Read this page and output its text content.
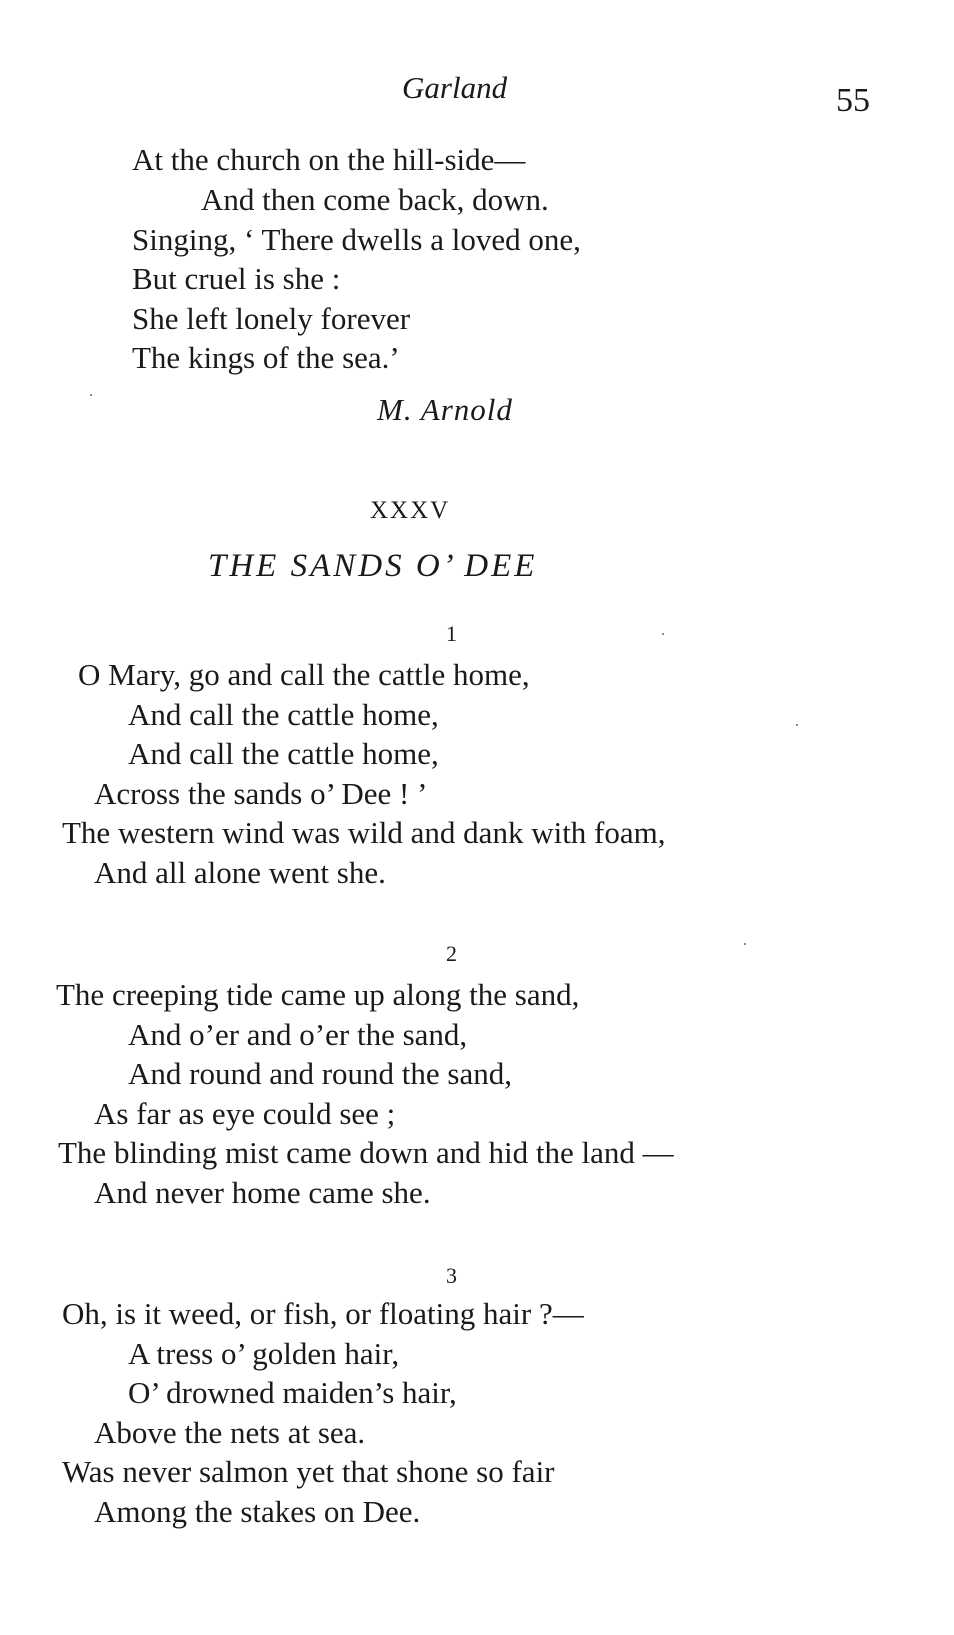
Garland	55
At the church on the hill-side—
And then come back, down.
Singing, ‘ There dwells a loved one,
But cruel is she :
She left lonely forever
The kings of the sea.’
M. Arnold
XXXV
THE SANDS O’ DEE
1
O Mary, go and call the cattle home,
And call the cattle home,
And call the cattle home,
Across the sands o’ Dee ! ’
The western wind was wild and dank with foam,
And all alone went she.
2
The creeping tide came up along the sand,
And o’er and o’er the sand,
And round and round the sand,
As far as eye could see ;
The blinding mist came down and hid the land —
And never home came she.
3
Oh, is it weed, or fish, or floating hair ?—
A tress o’ golden hair,
O’ drowned maiden’s hair,
Above the nets at sea.
Was never salmon yet that shone so fair
Among the stakes on Dee.
